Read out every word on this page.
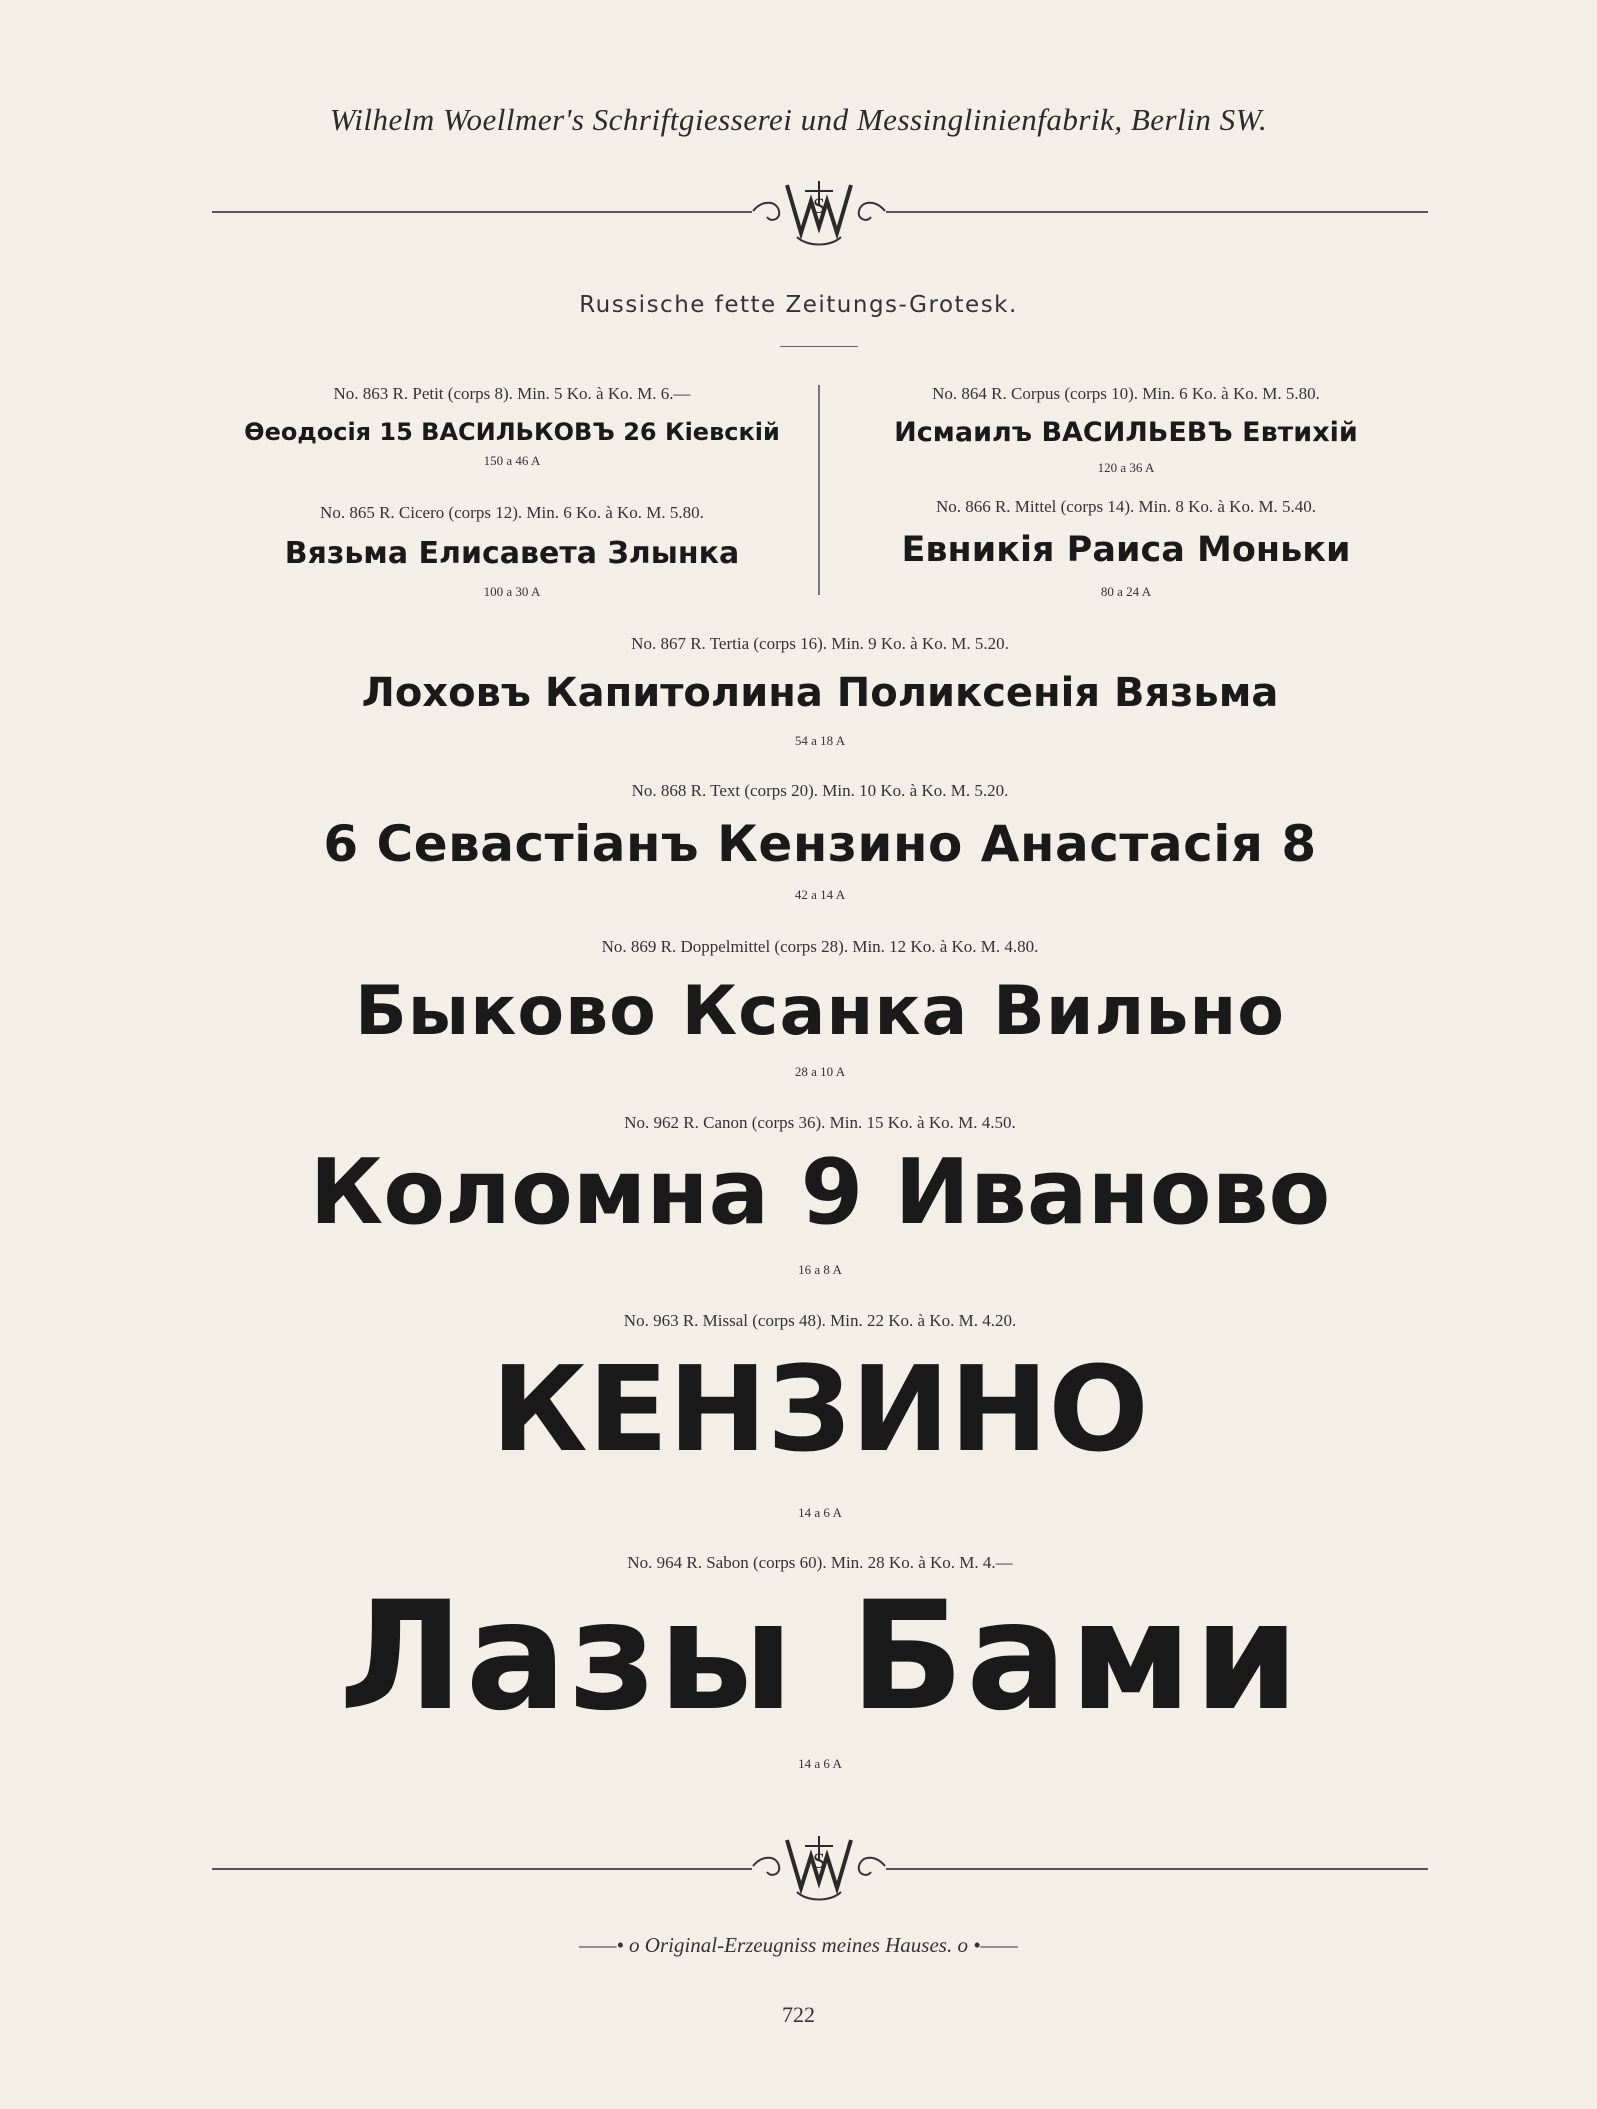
Wilhelm Woellmer's Schriftgiesserei und Messinglinienfabrik, Berlin SW.
S
Russische fette Zeitungs-Grotesk.
No. 863 R. Petit (corps 8). Min. 5 Ko. à Ko. M. 6.—
Өеодосія 15 ВАСИЛЬКОВЪ 26 Кіевскій
150 a 46 A
No. 864 R. Corpus (corps 10). Min. 6 Ko. à Ko. M. 5.80.
Исмаилъ ВАСИЛЬЕВЪ Евтихій
120 a 36 A
No. 865 R. Cicero (corps 12). Min. 6 Ko. à Ko. M. 5.80.
Вязьма Елисавета Злынка
100 a 30 A
No. 866 R. Mittel (corps 14). Min. 8 Ko. à Ko. M. 5.40.
Евникія Раиса Моньки
80 a 24 A
No. 867 R. Tertia (corps 16). Min. 9 Ko. à Ko. M. 5.20.
Лоховъ Капитолина Поликсенія Вязьма
54 a 18 A
No. 868 R. Text (corps 20). Min. 10 Ko. à Ko. M. 5.20.
6 Севастіанъ Кензино Анастасія 8
42 a 14 A
No. 869 R. Doppelmittel (corps 28). Min. 12 Ko. à Ko. M. 4.80.
Быково Ксанка Вильно
28 a 10 A
No. 962 R. Canon (corps 36). Min. 15 Ko. à Ko. M. 4.50.
Коломна 9 Иваново
16 a 8 A
No. 963 R. Missal (corps 48). Min. 22 Ko. à Ko. M. 4.20.
КЕНЗИНО
14 a 6 A
No. 964 R. Sabon (corps 60). Min. 28 Ko. à Ko. M. 4.—
Лазы Бами
14 a 6 A
S
——• o Original-Erzeugniss meines Hauses. o •——
722
